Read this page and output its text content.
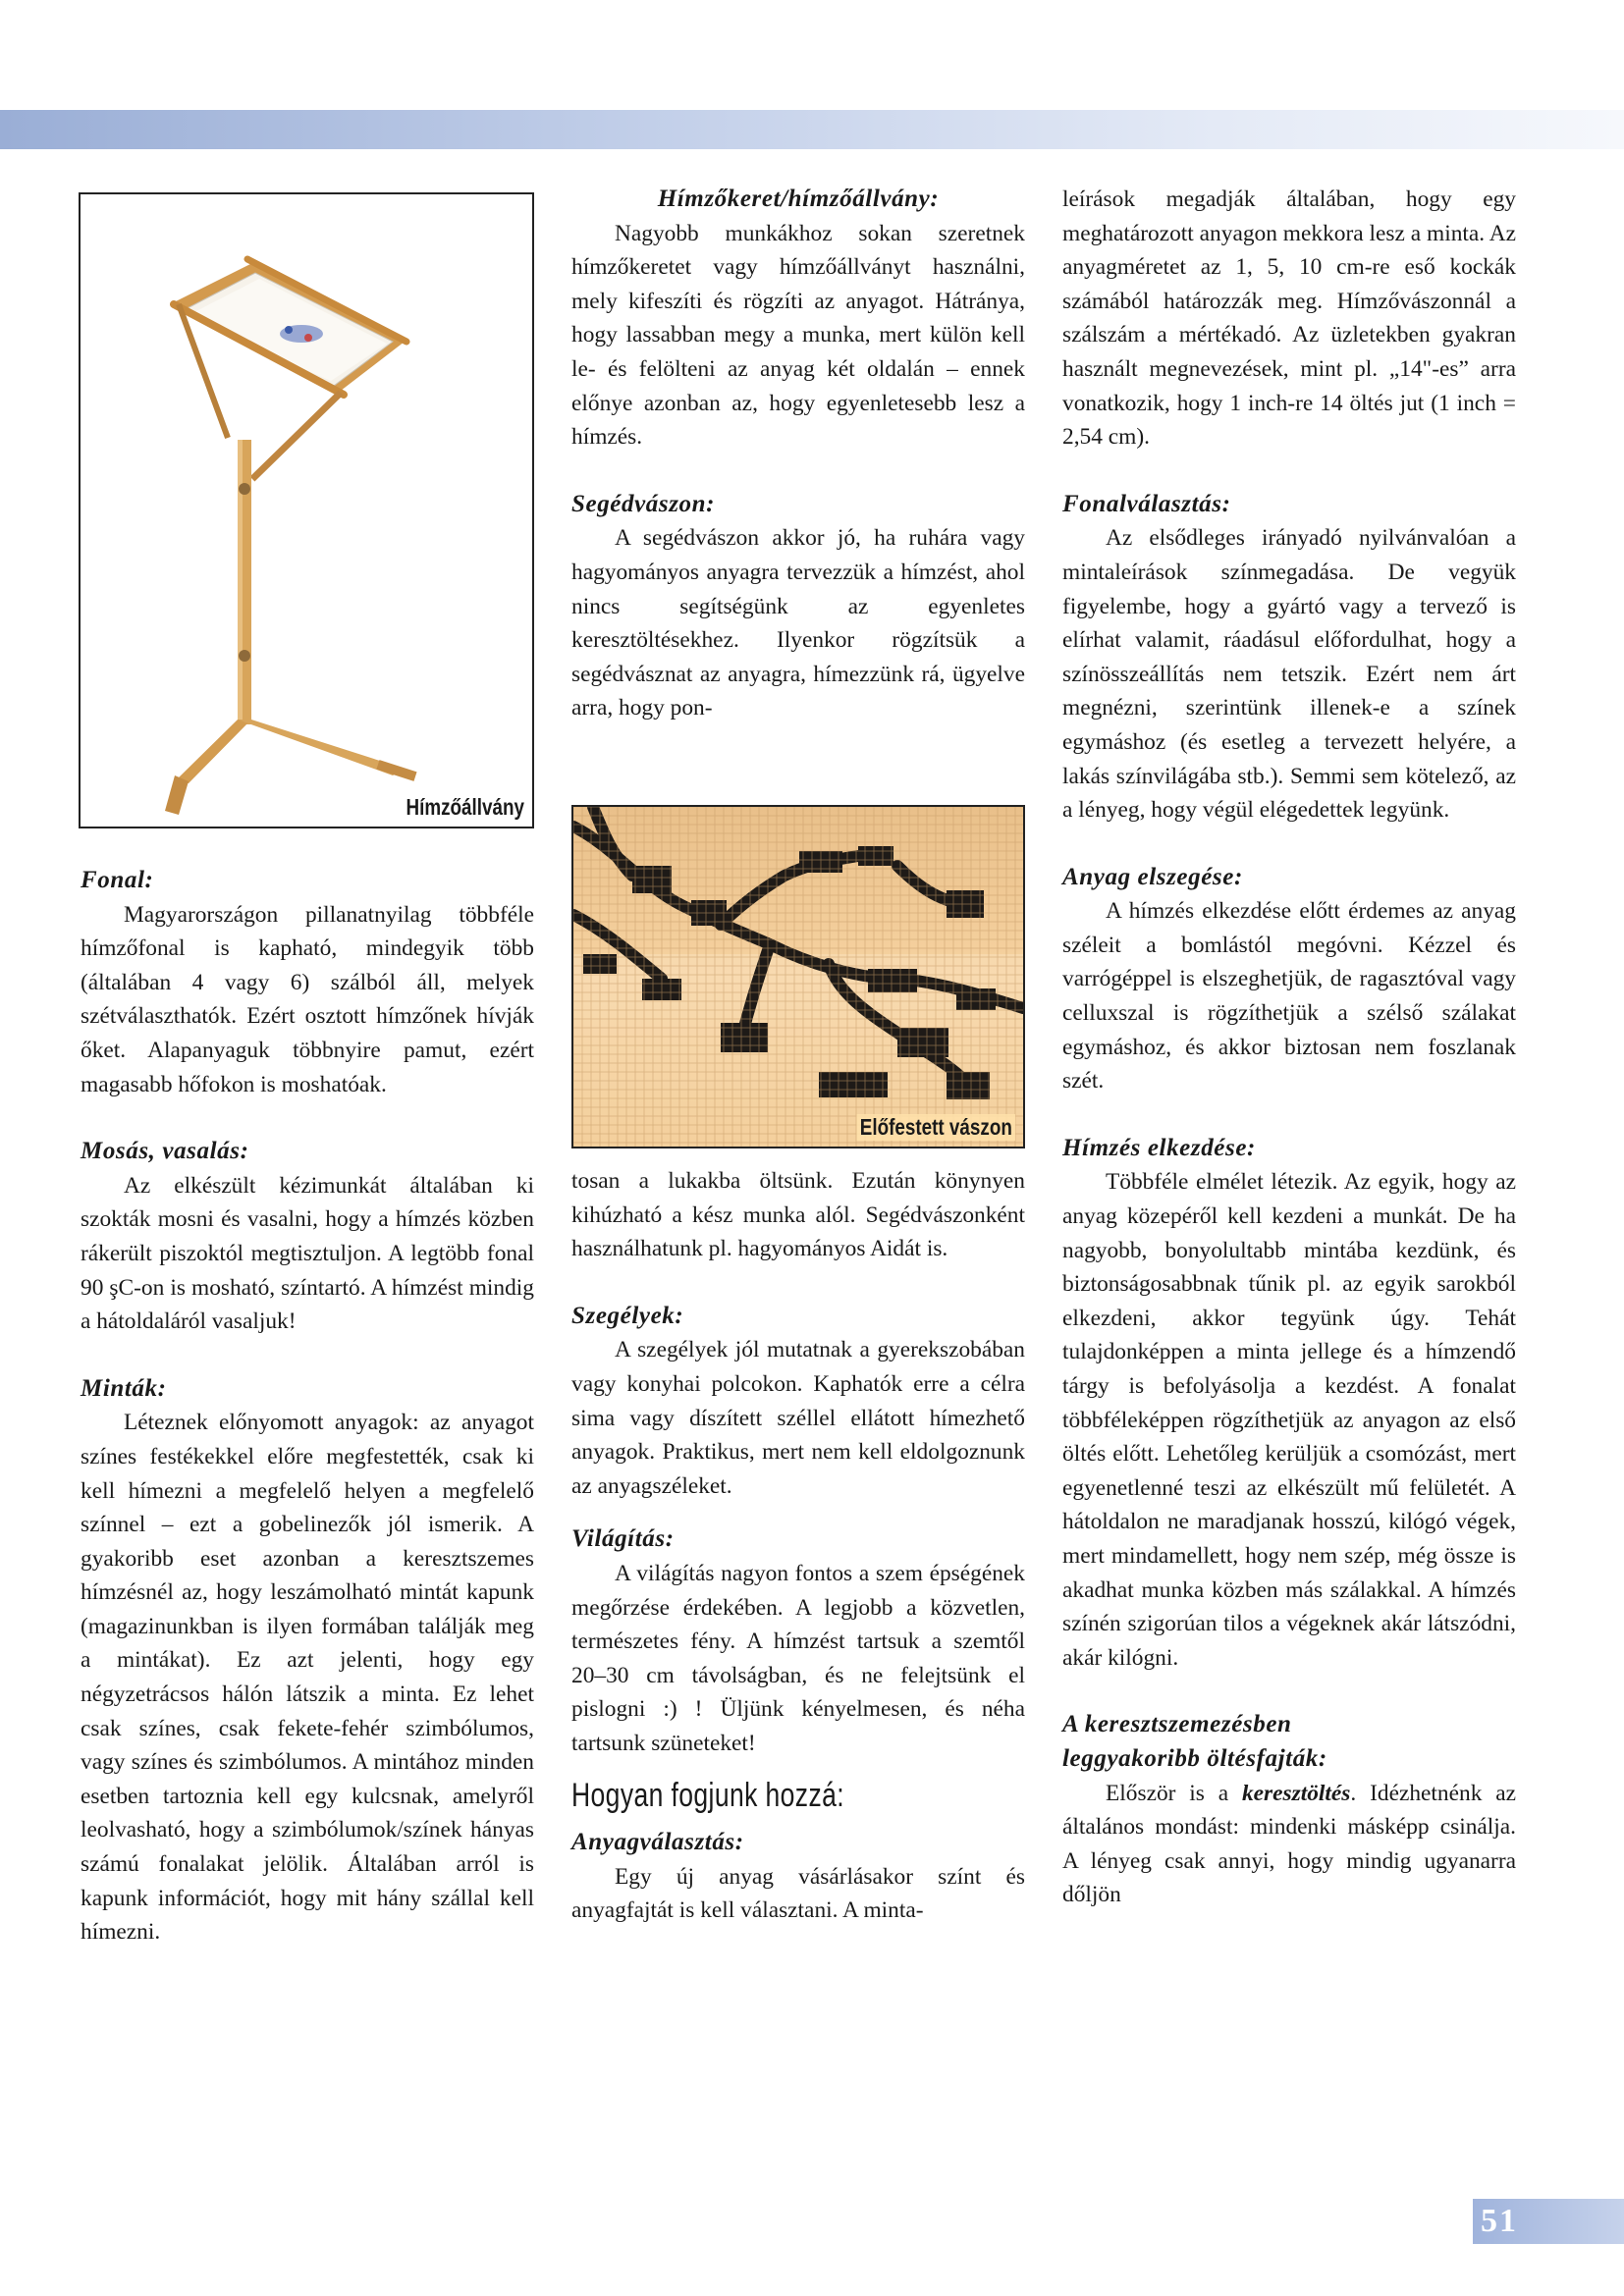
Hímzőállvány
Előfestett vászon
Fonal:

Magyarországon pillanatnyilag többféle hímzőfonal is kapható, mindegyik több (általában 4 vagy 6) szálból áll, melyek szétválaszthatók. Ezért osztott hímzőnek hívják őket. Alapanyaguk többnyire pamut, ezért magasabb hőfokon is moshatóak.

Mosás, vasalás:

Az elkészült kézimunkát általában ki szokták mosni és vasalni, hogy a hímzés közben rákerült piszoktól megtisztuljon. A legtöbb fonal 90 şC-on is mosható, színtartó. A hímzést mindig a hátoldaláról vasaljuk!

Minták:

Léteznek előnyomott anyagok: az anyagot színes festékekkel előre megfestették, csak ki kell hímezni a megfelelő helyen a megfelelő színnel – ezt a gobelinezők jól ismerik. A gyakoribb eset azonban a keresztszemes hímzésnél az, hogy leszámolható mintát kapunk (magazinunkban is ilyen formában találják meg a mintákat). Ez azt jelenti, hogy egy négyzetrácsos hálón látszik a minta. Ez lehet csak színes, csak fekete-fehér szimbólumos, vagy színes és szimbólumos. A mintához minden esetben tartoznia kell egy kulcsnak, amelyről leolvasható, hogy a szimbólumok/színek hányas számú fonalakat jelölik. Általában arról is kapunk információt, hogy mit hány szállal kell hímezni.

Hímzőkeret/hímzőállvány:

Nagyobb munkákhoz sokan szeretnek hímzőkeretet vagy hímzőállványt használni, mely kifeszíti és rögzíti az anyagot. Hátránya, hogy lassabban megy a munka, mert külön kell le- és felölteni az anyag két oldalán – ennek előnye azonban az, hogy egyenletesebb lesz a hímzés.

Segédvászon:

A segédvászon akkor jó, ha ruhára vagy hagyományos anyagra tervezzük a hímzést, ahol nincs segítségünk az egyenletes keresztöltésekhez. Ilyenkor rögzítsük a segédvásznat az anyagra, hímezzünk rá, ügyelve arra, hogy pon-

tosan a lukakba öltsünk. Ezután könynyen kihúzható a kész munka alól. Segédvászonként használhatunk pl. hagyományos Aidát is.

Szegélyek:

A szegélyek jól mutatnak a gyerekszobában vagy konyhai polcokon. Kaphatók erre a célra sima vagy díszített széllel ellátott hímezhető anyagok. Praktikus, mert nem kell eldolgoznunk az anyagszéleket.

Világítás:

A világítás nagyon fontos a szem épségének megőrzése érdekében. A legjobb a közvetlen, természetes fény. A hímzést tartsuk a szemtől 20–30 cm távolságban, és ne felejtsünk el pislogni :) ! Üljünk kényelmesen, és néha tartsunk szüneteket!

Hogyan fogjunk hozzá:
Anyagválasztás:

Egy új anyag vásárlásakor színt és anyagfajtát is kell választani. A minta-

leírások megadják általában, hogy egy meghatározott anyagon mekkora lesz a minta. Az anyagméretet az 1, 5, 10 cm-re eső kockák számából határozzák meg. Hímzővászonnál a szálszám a mértékadó. Az üzletekben gyakran használt megnevezések, mint pl. „14"-es” arra vonatkozik, hogy 1 inch-re 14 öltés jut (1 inch = 2,54 cm).

Fonalválasztás:

Az elsődleges irányadó nyilvánvalóan a mintaleírások színmegadása. De vegyük figyelembe, hogy a gyártó vagy a tervező is elírhat valamit, ráadásul előfordulhat, hogy a színösszeállítás nem tetszik. Ezért nem árt megnézni, szerintünk illenek-e a színek egymáshoz (és esetleg a tervezett helyére, a lakás színvilágába stb.). Semmi sem kötelező, az a lényeg, hogy végül elégedettek legyünk.

Anyag elszegése:

A hímzés elkezdése előtt érdemes az anyag széleit a bomlástól megóvni. Kézzel és varrógéppel is elszeghetjük, de ragasztóval vagy celluxszal is rögzíthetjük a szélső szálakat egymáshoz, és akkor biztosan nem foszlanak szét.

Hímzés elkezdése:

Többféle elmélet létezik. Az egyik, hogy az anyag közepéről kell kezdeni a munkát. De ha nagyobb, bonyolultabb mintába kezdünk, és biztonságosabbnak tűnik pl. az egyik sarokból elkezdeni, akkor tegyünk úgy. Tehát tulajdonképpen a minta jellege és a hímzendő tárgy is befolyásolja a kezdést. A fonalat többféleképpen rögzíthetjük az anyagon az első öltés előtt. Lehetőleg kerüljük a csomózást, mert egyenetlenné teszi az elkészült mű felületét. A hátoldalon ne maradjanak hosszú, kilógó végek, mert mindamellett, hogy nem szép, még össze is akadhat munka közben más szálakkal. A hímzés színén szigorúan tilos a végeknek akár látszódni, akár kilógni.

A keresztszemezésben
leggyakoribb öltésfajták:

Először is a keresztöltés. Idézhetnénk az általános mondást: mindenki másképp csinálja. A lényeg csak annyi, hogy mindig ugyanarra dőljön

51
